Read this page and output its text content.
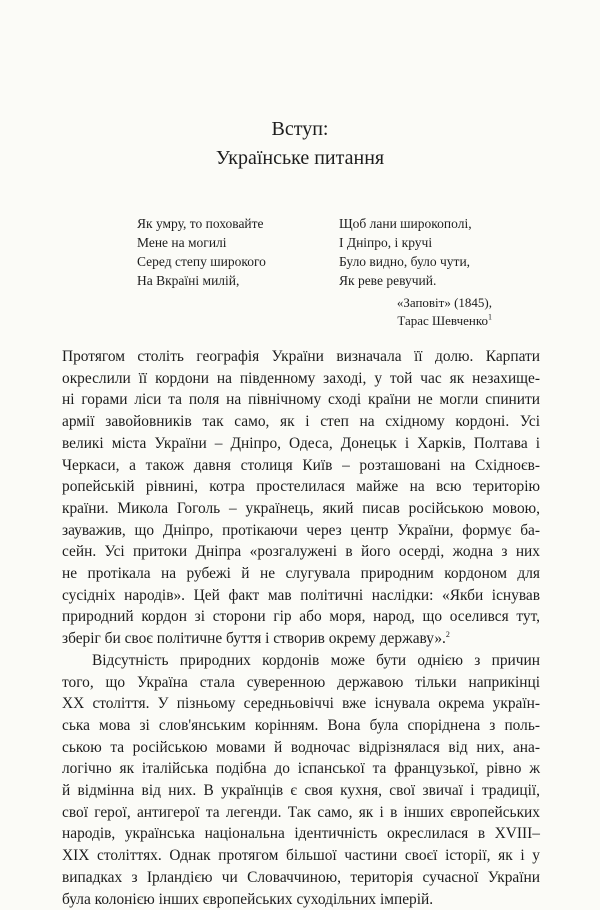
Вступ:
Українське питання
Як умру, то поховайте
Мене на могилі
Серед степу широкого
На Вкраїні милій,
Щоб лани широкополі,
І Дніпро, і кручі
Було видно, було чути,
Як реве ревучий.
«Заповіт» (1845),
Тарас Шевченко$^1$
Протягом століть географія України визначала її долю. Карпати
окреслили її кордони на південному заході, у той час як незахище-
ні горами ліси та поля на північному сході країни не могли спинити
армії завойовників так само, як і степ на східному кордоні. Усі
великі міста України – Дніпро, Одеса, Донецьк і Харків, Полтава і
Черкаси, а також давня столиця Київ – розташовані на Східноєв-
ропейській рівнині, котра простелилася майже на всю територію
країни. Микола Гоголь – українець, який писав російською мовою,
зауважив, що Дніпро, протікаючи через центр України, формує ба-
сейн. Усі притоки Дніпра «розгалужені в його осерді, жодна з них
не протікала на рубежі й не слугувала природним кордоном для
сусідніх народів». Цей факт мав політичні наслідки: «Якби існував
природний кордон зі сторони гір або моря, народ, що оселився тут,
зберіг би своє політичне буття і створив окрему державу».$^2$
Відсутність природних кордонів може бути однією з причин
того, що Україна стала суверенною державою тільки наприкінці
XX століття. У пізньому середньовіччі вже існувала окрема україн-
ська мова зі слов'янським корінням. Вона була споріднена з поль-
ською та російською мовами й водночас відрізнялася від них, ана-
логічно як італійська подібна до іспанської та французької, рівно ж
й відмінна від них. В українців є своя кухня, свої звичаї і традиції,
свої герої, антигерої та легенди. Так само, як і в інших європейських
народів, українська національна ідентичність окреслилася в XVIII–
XIX століттях. Однак протягом більшої частини своєї історії, як і у
випадках з Ірландією чи Словаччиною, територія сучасної України
була колонією інших європейських суходільних імперій.
